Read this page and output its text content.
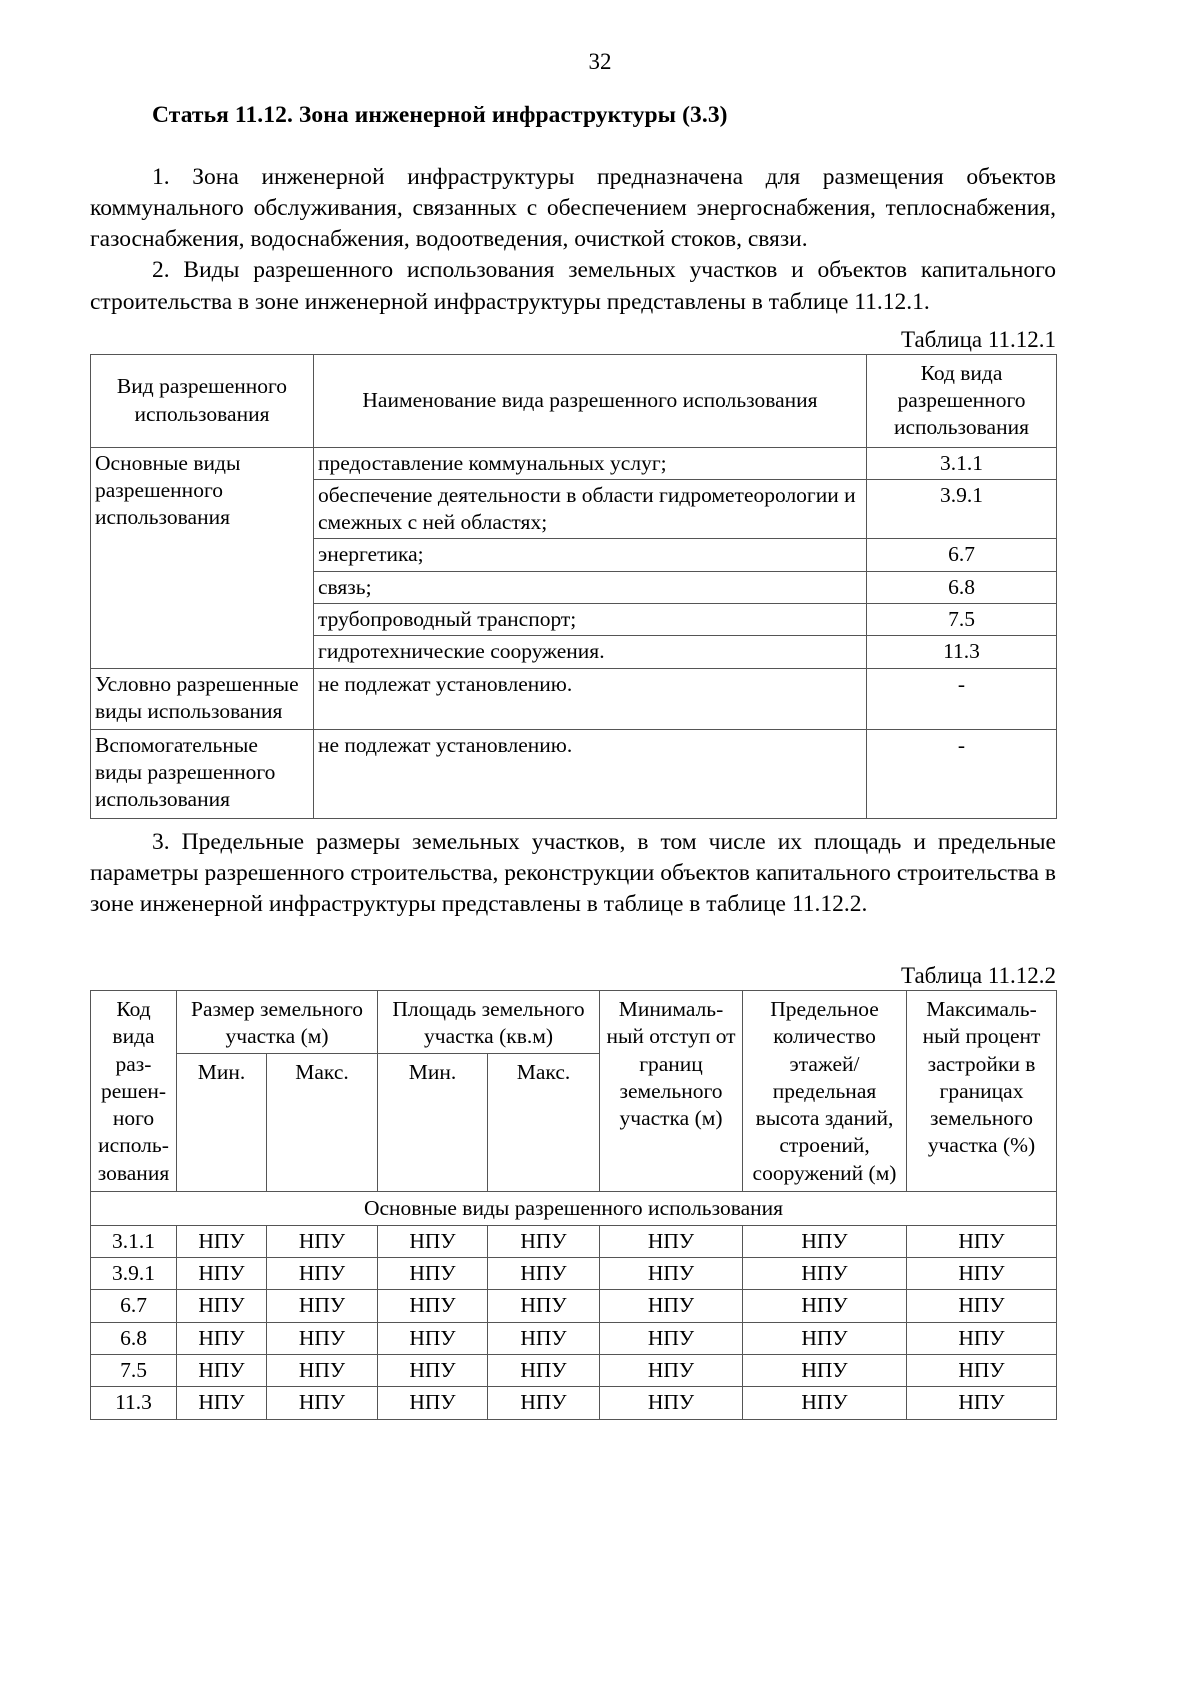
32
Статья 11.12. Зона инженерной инфраструктуры (3.3)

1. Зона инженерной инфраструктуры предназначена для размещения объектов коммунального обслуживания, связанных с обеспечением энергоснабжения, теплоснабжения, газоснабжения, водоснабжения, водоотведения, очисткой стоков, связи.

2. Виды разрешенного использования земельных участков и объектов капитального строительства в зоне инженерной инфраструктуры представлены в таблице 11.12.1.

Таблица 11.12.1
Вид разрешенного использования	Наименование вида разрешенного использования	Код вида разрешенного использования
Основные виды разрешенного использования	предоставление коммунальных услуг;	3.1.1
	обеспечение деятельности в области гидрометеорологии и смежных с ней областях;	3.9.1
	энергетика;	6.7
	связь;	6.8
	трубопроводный транспорт;	7.5
	гидротехнические сооружения.	11.3
Условно разрешенные виды использования	не подлежат установлению.	-
Вспомогательные виды разрешенного использования	не подлежат установлению.	-

3. Предельные размеры земельных участков, в том числе их площадь и предельные параметры разрешенного строительства, реконструкции объектов капитального строительства в зоне инженерной инфраструктуры представлены в таблице в таблице 11.12.2.

Таблица 11.12.2
Код вида раз-решен-ного исполь-зования	Размер земельного участка (м)		Площадь земельного участка (кв.м)		Минималь-ный отступ от границ земельного участка (м)	Предельное количество этажей/ предельная высота зданий, строений, сооружений (м)	Максималь-ный процент застройки в границах земельного участка (%)
	Мин.	Макс.	Мин.	Макс.			
Основные виды разрешенного использования							
3.1.1	НПУ	НПУ	НПУ	НПУ	НПУ	НПУ	НПУ
3.9.1	НПУ	НПУ	НПУ	НПУ	НПУ	НПУ	НПУ
6.7	НПУ	НПУ	НПУ	НПУ	НПУ	НПУ	НПУ
6.8	НПУ	НПУ	НПУ	НПУ	НПУ	НПУ	НПУ
7.5	НПУ	НПУ	НПУ	НПУ	НПУ	НПУ	НПУ
11.3	НПУ	НПУ	НПУ	НПУ	НПУ	НПУ	НПУ
